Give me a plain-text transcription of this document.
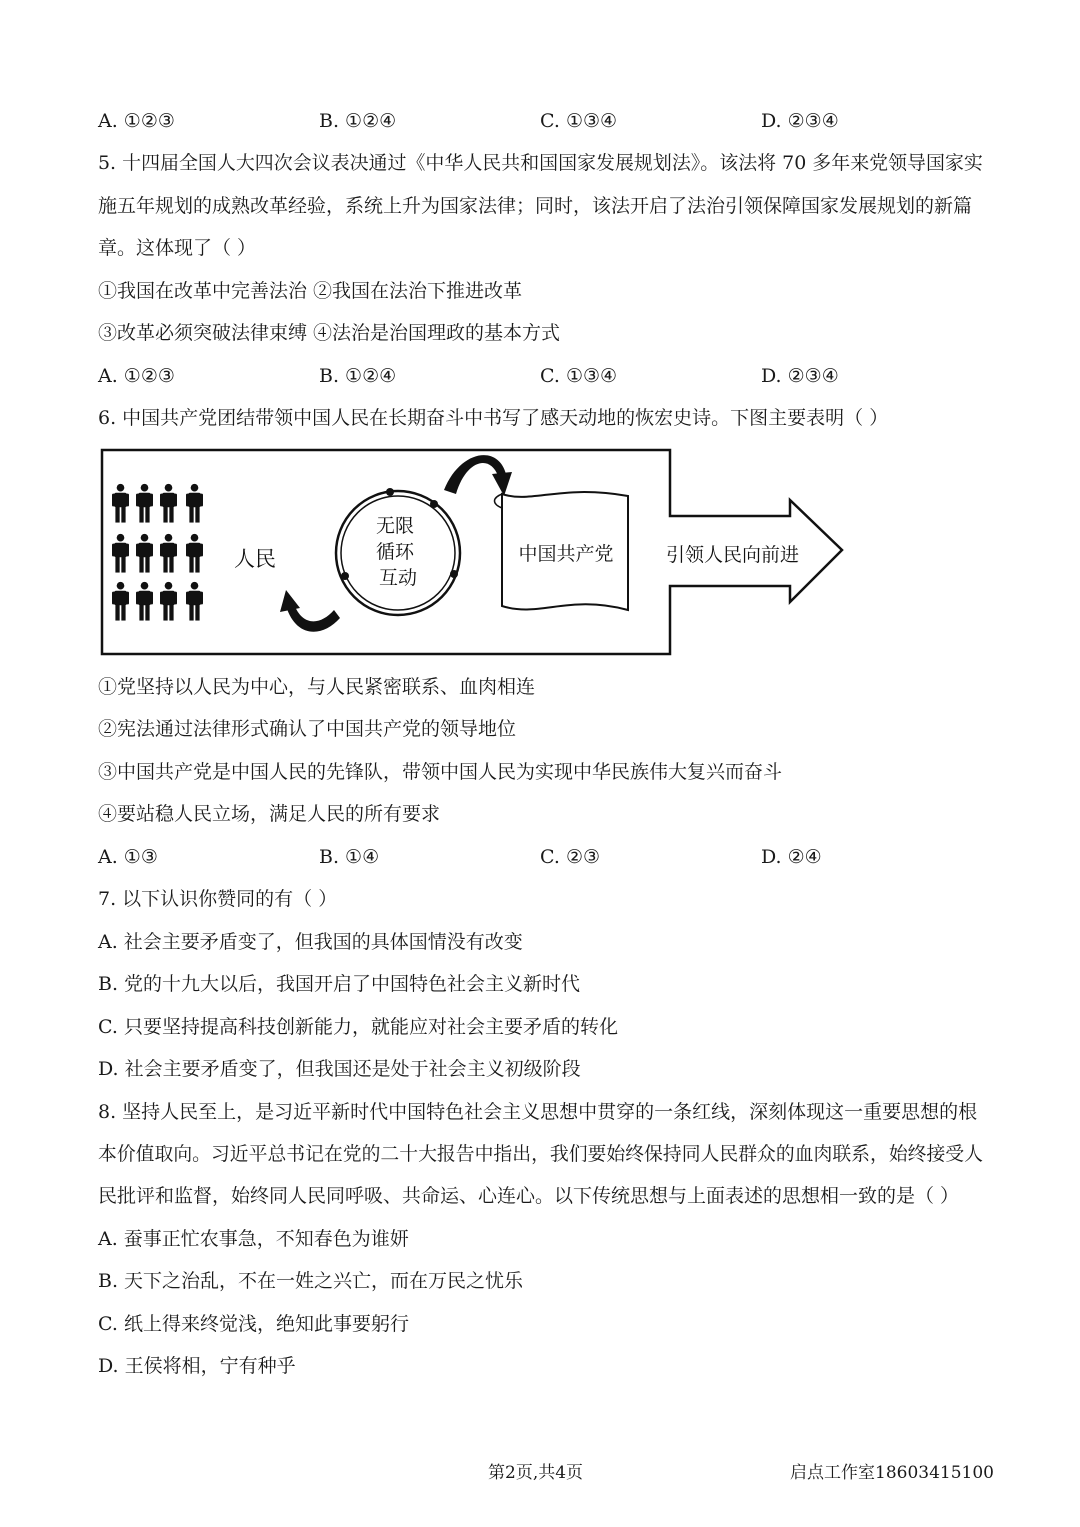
A. ①②③	B. ①②④	C. ①③④	D. ②③④
5. 十四届全国人大四次会议表决通过《中华人民共和国国家发展规划法》。该法将 70 多年来党领导国家实
施五年规划的成熟改革经验，系统上升为国家法律；同时，该法开启了法治引领保障国家发展规划的新篇
章。这体现了（ ）
①我国在改革中完善法治 ②我国在法治下推进改革
③改革必须突破法律束缚 ④法治是治国理政的基本方式
A. ①②③	B. ①②④	C. ①③④	D. ②③④
6. 中国共产党团结带领中国人民在长期奋斗中书写了感天动地的恢宏史诗。下图主要表明（ ）
人民
无限 循环 互动
中国共产党	引领人民向前进
①党坚持以人民为中心，与人民紧密联系、血肉相连
②宪法通过法律形式确认了中国共产党的领导地位
③中国共产党是中国人民的先锋队，带领中国人民为实现中华民族伟大复兴而奋斗
④要站稳人民立场，满足人民的所有要求
A. ①③	B. ①④	C. ②③	D. ②④
7. 以下认识你赞同的有（ ）
A. 社会主要矛盾变了，但我国的具体国情没有改变
B. 党的十九大以后，我国开启了中国特色社会主义新时代
C. 只要坚持提高科技创新能力，就能应对社会主要矛盾的转化
D. 社会主要矛盾变了，但我国还是处于社会主义初级阶段
8. 坚持人民至上，是习近平新时代中国特色社会主义思想中贯穿的一条红线，深刻体现这一重要思想的根
本价值取向。习近平总书记在党的二十大报告中指出，我们要始终保持同人民群众的血肉联系，始终接受人
民批评和监督，始终同人民同呼吸、共命运、心连心。以下传统思想与上面表述的思想相一致的是（ ）
A. 蚕事正忙农事急，不知春色为谁妍
B. 天下之治乱，不在一姓之兴亡，而在万民之忧乐
C. 纸上得来终觉浅，绝知此事要躬行
D. 王侯将相，宁有种乎
第2页,共4页	启点工作室18603415100
